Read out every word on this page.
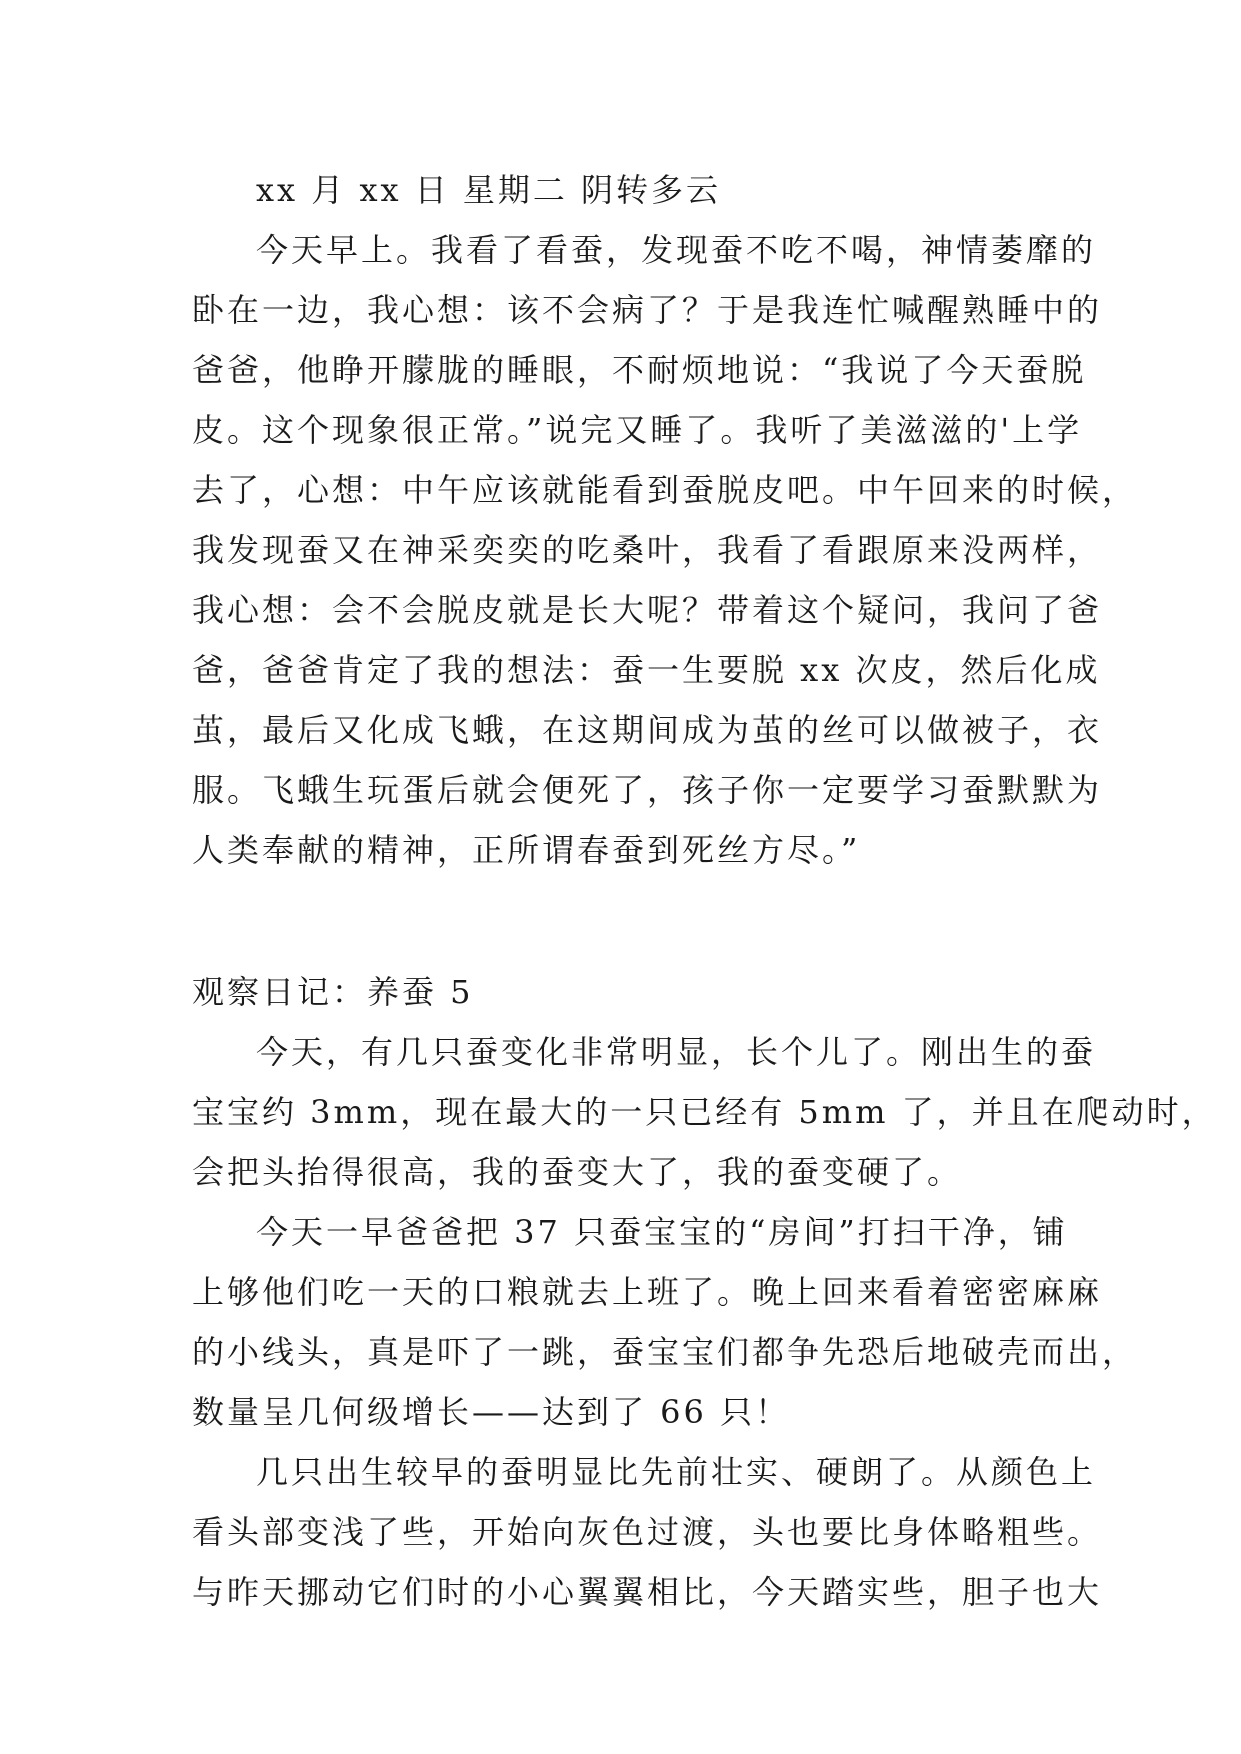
xx 月 xx 日 星期二 阴转多云
今天早上。我看了看蚕，发现蚕不吃不喝，神情萎靡的
卧在一边，我心想：该不会病了？于是我连忙喊醒熟睡中的
爸爸，他睁开朦胧的睡眼，不耐烦地说：“我说了今天蚕脱
皮。这个现象很正常。”说完又睡了。我听了美滋滋的'上学
去了，心想：中午应该就能看到蚕脱皮吧。中午回来的时候，
我发现蚕又在神采奕奕的吃桑叶，我看了看跟原来没两样，
我心想：会不会脱皮就是长大呢？带着这个疑问，我问了爸
爸，爸爸肯定了我的想法：蚕一生要脱 xx 次皮，然后化成
茧，最后又化成飞蛾，在这期间成为茧的丝可以做被子，衣
服。飞蛾生玩蛋后就会便死了，孩子你一定要学习蚕默默为
人类奉献的精神，正所谓春蚕到死丝方尽。”
观察日记：养蚕 5
今天，有几只蚕变化非常明显，长个儿了。刚出生的蚕
宝宝约 3mm，现在最大的一只已经有 5mm 了，并且在爬动时，
会把头抬得很高，我的蚕变大了，我的蚕变硬了。
今天一早爸爸把 37 只蚕宝宝的“房间”打扫干净，铺
上够他们吃一天的口粮就去上班了。晚上回来看着密密麻麻
的小线头，真是吓了一跳，蚕宝宝们都争先恐后地破壳而出，
数量呈几何级增长——达到了 66 只！
几只出生较早的蚕明显比先前壮实、硬朗了。从颜色上
看头部变浅了些，开始向灰色过渡，头也要比身体略粗些。
与昨天挪动它们时的小心翼翼相比，今天踏实些，胆子也大
